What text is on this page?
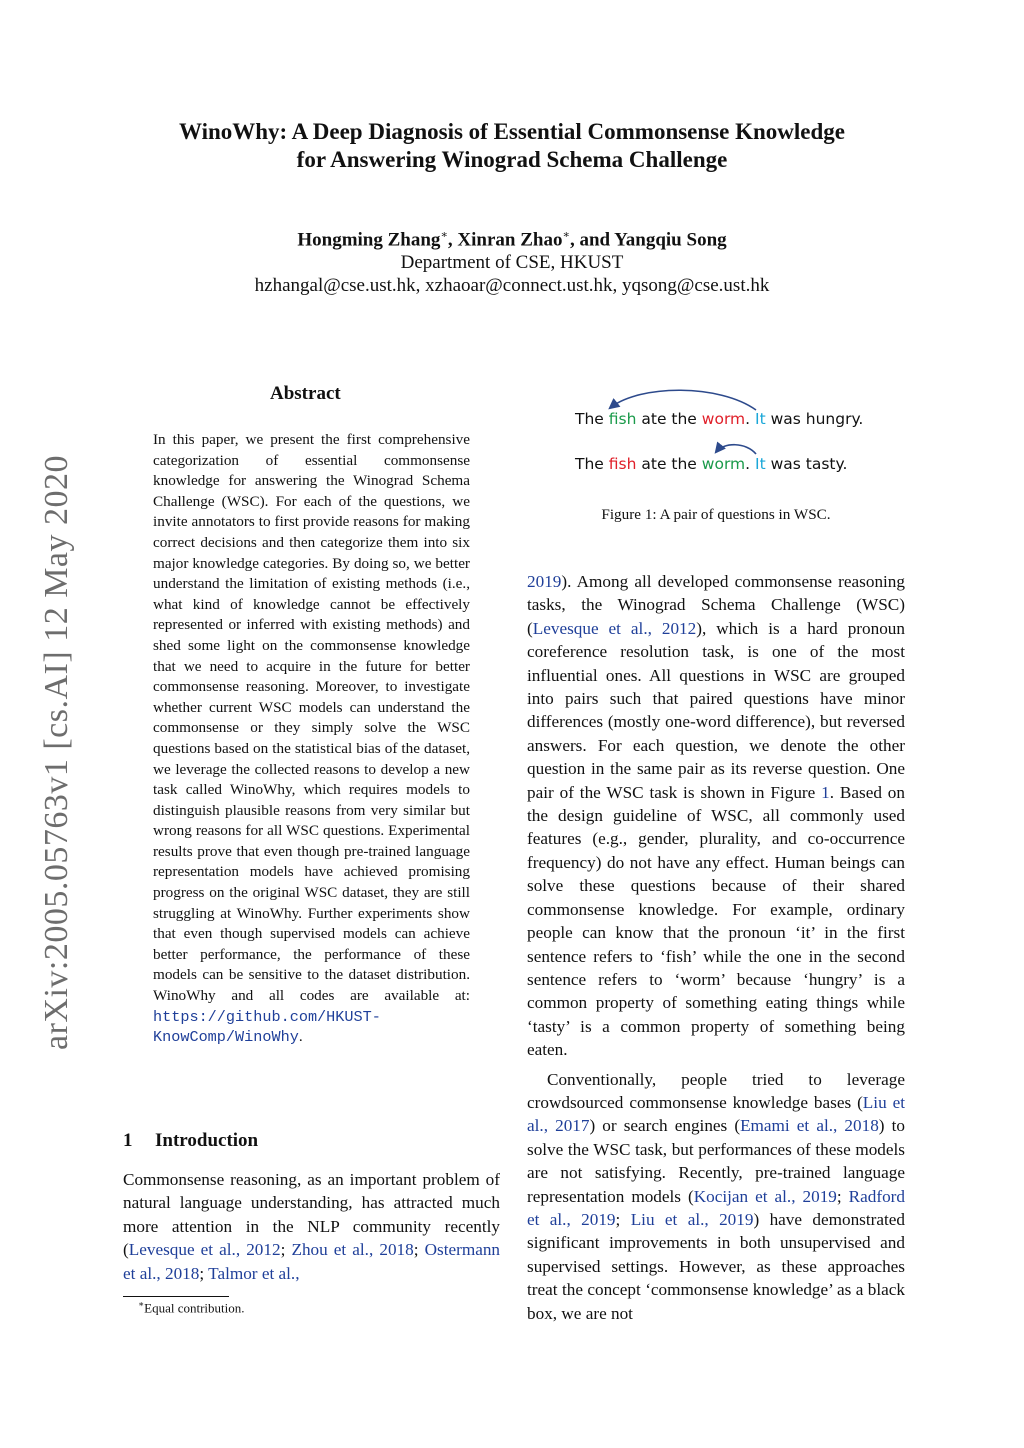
WinoWhy: A Deep Diagnosis of Essential Commonsense Knowledge
for Answering Winograd Schema Challenge
Hongming Zhang∗, Xinran Zhao∗, and Yangqiu Song
Department of CSE, HKUST
hzhangal@cse.ust.hk, xzhaoar@connect.ust.hk, yqsong@cse.ust.hk
arXiv:2005.05763v1 [cs.AI] 12 May 2020
Abstract

In this paper, we present the first comprehensive categorization of essential commonsense knowledge for answering the Winograd Schema Challenge (WSC). For each of the questions, we invite annotators to first provide reasons for making correct decisions and then categorize them into six major knowledge categories. By doing so, we better understand the limitation of existing methods (i.e., what kind of knowledge cannot be effectively represented or inferred with existing methods) and shed some light on the commonsense knowledge that we need to acquire in the future for better commonsense reasoning. Moreover, to investigate whether current WSC models can understand the commonsense or they simply solve the WSC questions based on the statistical bias of the dataset, we leverage the collected reasons to develop a new task called WinoWhy, which requires models to distinguish plausible reasons from very similar but wrong reasons for all WSC questions. Experimental results prove that even though pre-trained language representation models have achieved promising progress on the original WSC dataset, they are still struggling at WinoWhy. Further experiments show that even though supervised models can achieve better performance, the performance of these models can be sensitive to the dataset distribution. WinoWhy and all codes are available at: https://github.com/HKUST-KnowComp/WinoWhy.

1 Introduction

Commonsense reasoning, as an important problem of natural language understanding, has attracted much more attention in the NLP community recently (Levesque et al., 2012; Zhou et al., 2018; Ostermann et al., 2018; Talmor et al.,

∗Equal contribution.
The fish ate the worm. It was hungry.
The fish ate the worm. It was tasty.
Figure 1: A pair of questions in WSC.

2019). Among all developed commonsense reasoning tasks, the Winograd Schema Challenge (WSC) (Levesque et al., 2012), which is a hard pronoun coreference resolution task, is one of the most influential ones. All questions in WSC are grouped into pairs such that paired questions have minor differences (mostly one-word difference), but reversed answers. For each question, we denote the other question in the same pair as its reverse question. One pair of the WSC task is shown in Figure 1. Based on the design guideline of WSC, all commonly used features (e.g., gender, plurality, and co-occurrence frequency) do not have any effect. Human beings can solve these questions because of their shared commonsense knowledge. For example, ordinary people can know that the pronoun ‘it’ in the first sentence refers to ‘fish’ while the one in the second sentence refers to ‘worm’ because ‘hungry’ is a common property of something eating things while ‘tasty’ is a common property of something being eaten.

Conventionally, people tried to leverage crowdsourced commonsense knowledge bases (Liu et al., 2017) or search engines (Emami et al., 2018) to solve the WSC task, but performances of these models are not satisfying. Recently, pre-trained language representation models (Kocijan et al., 2019; Radford et al., 2019; Liu et al., 2019) have demonstrated significant improvements in both unsupervised and supervised settings. However, as these approaches treat the concept ‘commonsense knowledge’ as a black box, we are not
